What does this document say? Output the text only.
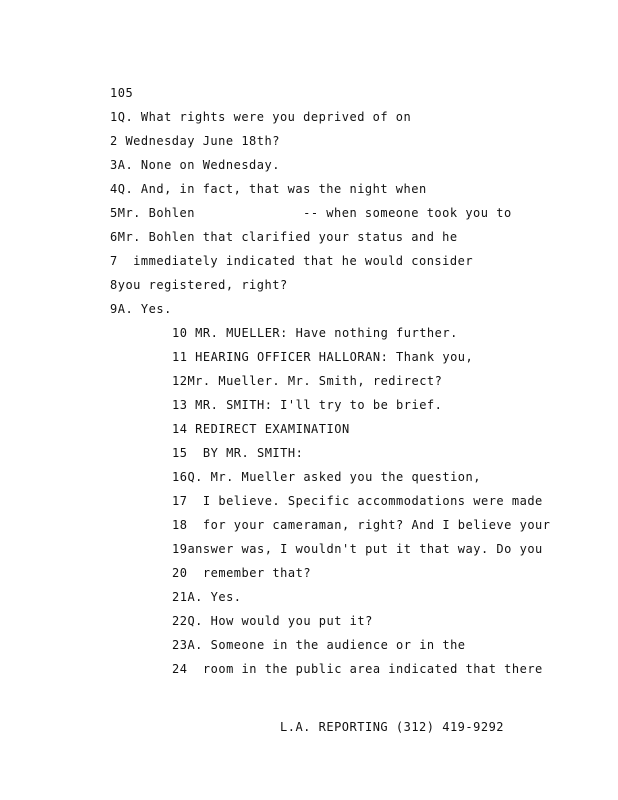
105
1Q. What rights were you deprived of on
2 Wednesday June 18th?
3A. None on Wednesday.
4Q. And, in fact, that was the night when
5Mr. Bohlen              -- when someone took you to
6Mr. Bohlen that clarified your status and he
7  immediately indicated that he would consider
8you registered, right?
9A. Yes.
10 MR. MUELLER: Have nothing further.
11 HEARING OFFICER HALLORAN: Thank you,
12Mr. Mueller. Mr. Smith, redirect?
13 MR. SMITH: I'll try to be brief.
14 REDIRECT EXAMINATION
15  BY MR. SMITH:
16Q. Mr. Mueller asked you the question,
17  I believe. Specific accommodations were made
18  for your cameraman, right? And I believe your
19answer was, I wouldn't put it that way. Do you
20  remember that?
21A. Yes.
22Q. How would you put it?
23A. Someone in the audience or in the
24  room in the public area indicated that there
L.A. REPORTING (312) 419-9292
